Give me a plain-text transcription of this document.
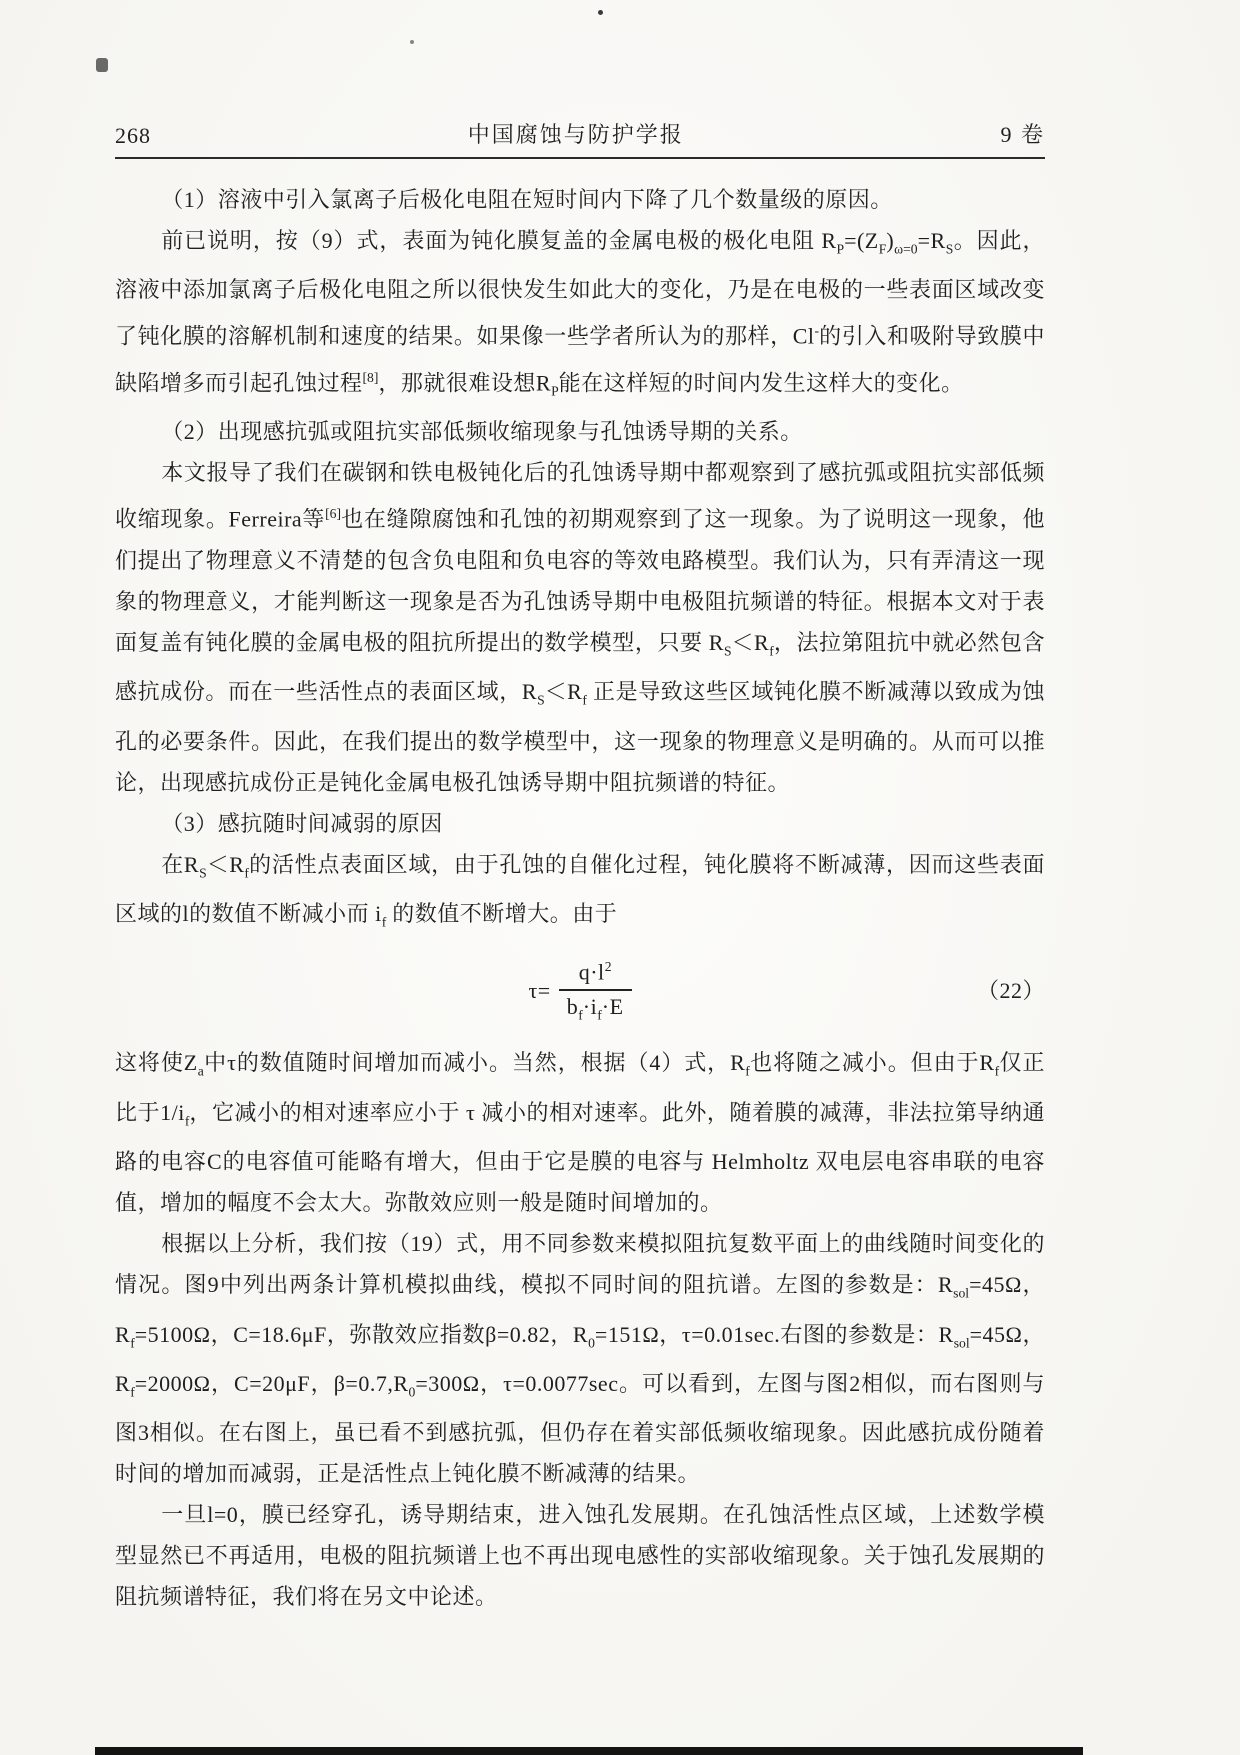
268	中国腐蚀与防护学报	9 卷

（1）溶液中引入氯离子后极化电阻在短时间内下降了几个数量级的原因。

前已说明，按（9）式，表面为钝化膜复盖的金属电极的极化电阻 $R_P=(Z_F)_{\omega=0}=R_S$。因此，溶液中添加氯离子后极化电阻之所以很快发生如此大的变化，乃是在电极的一些表面区域改变了钝化膜的溶解机制和速度的结果。如果像一些学者所认为的那样，Cl-的引入和吸附导致膜中缺陷增多而引起孔蚀过程[8]，那就很难设想$R_P$能在这样短的时间内发生这样大的变化。

（2）出现感抗弧或阻抗实部低频收缩现象与孔蚀诱导期的关系。

本文报导了我们在碳钢和铁电极钝化后的孔蚀诱导期中都观察到了感抗弧或阻抗实部低频收缩现象。Ferreira等[6]也在缝隙腐蚀和孔蚀的初期观察到了这一现象。为了说明这一现象，他们提出了物理意义不清楚的包含负电阻和负电容的等效电路模型。我们认为，只有弄清这一现象的物理意义，才能判断这一现象是否为孔蚀诱导期中电极阻抗频谱的特征。根据本文对于表面复盖有钝化膜的金属电极的阻抗所提出的数学模型，只要 $R_S<R_f$，法拉第阻抗中就必然包含感抗成份。而在一些活性点的表面区域，$R_S<R_f$ 正是导致这些区域钝化膜不断减薄以致成为蚀孔的必要条件。因此，在我们提出的数学模型中，这一现象的物理意义是明确的。从而可以推论，出现感抗成份正是钝化金属电极孔蚀诱导期中阻抗频谱的特征。

（3）感抗随时间减弱的原因

在$R_S<R_f$的活性点表面区域，由于孔蚀的自催化过程，钝化膜将不断减薄，因而这些表面区域的l的数值不断减小而 $i_f$ 的数值不断增大。由于

$\tau= \frac{q\cdot l^2}{b_f\cdot i_f\cdot E}$	（22）

这将使$Z_a$中τ的数值随时间增加而减小。当然，根据（4）式，$R_f$也将随之减小。但由于$R_f$仅正比于$1/i_f$，它减小的相对速率应小于 τ 减小的相对速率。此外，随着膜的减薄，非法拉第导纳通路的电容C的电容值可能略有增大，但由于它是膜的电容与 Helmholtz 双电层电容串联的电容值，增加的幅度不会太大。弥散效应则一般是随时间增加的。

根据以上分析，我们按（19）式，用不同参数来模拟阻抗复数平面上的曲线随时间变化的情况。图9中列出两条计算机模拟曲线，模拟不同时间的阻抗谱。左图的参数是：$R_{sol}=45\Omega$，$R_f=5100\Omega$，C=18.6μF，弥散效应指数β=0.82，$R_0=151\Omega$，τ=0.01sec.右图的参数是：$R_{sol}=45\Omega$，$R_f=2000\Omega$，C=20μF，$\beta=0.7,R_0=300\Omega$，τ=0.0077sec。可以看到，左图与图2相似，而右图则与图3相似。在右图上，虽已看不到感抗弧，但仍存在着实部低频收缩现象。因此感抗成份随着时间的增加而减弱，正是活性点上钝化膜不断减薄的结果。

一旦l=0，膜已经穿孔，诱导期结束，进入蚀孔发展期。在孔蚀活性点区域，上述数学模型显然已不再适用，电极的阻抗频谱上也不再出现电感性的实部收缩现象。关于蚀孔发展期的阻抗频谱特征，我们将在另文中论述。
